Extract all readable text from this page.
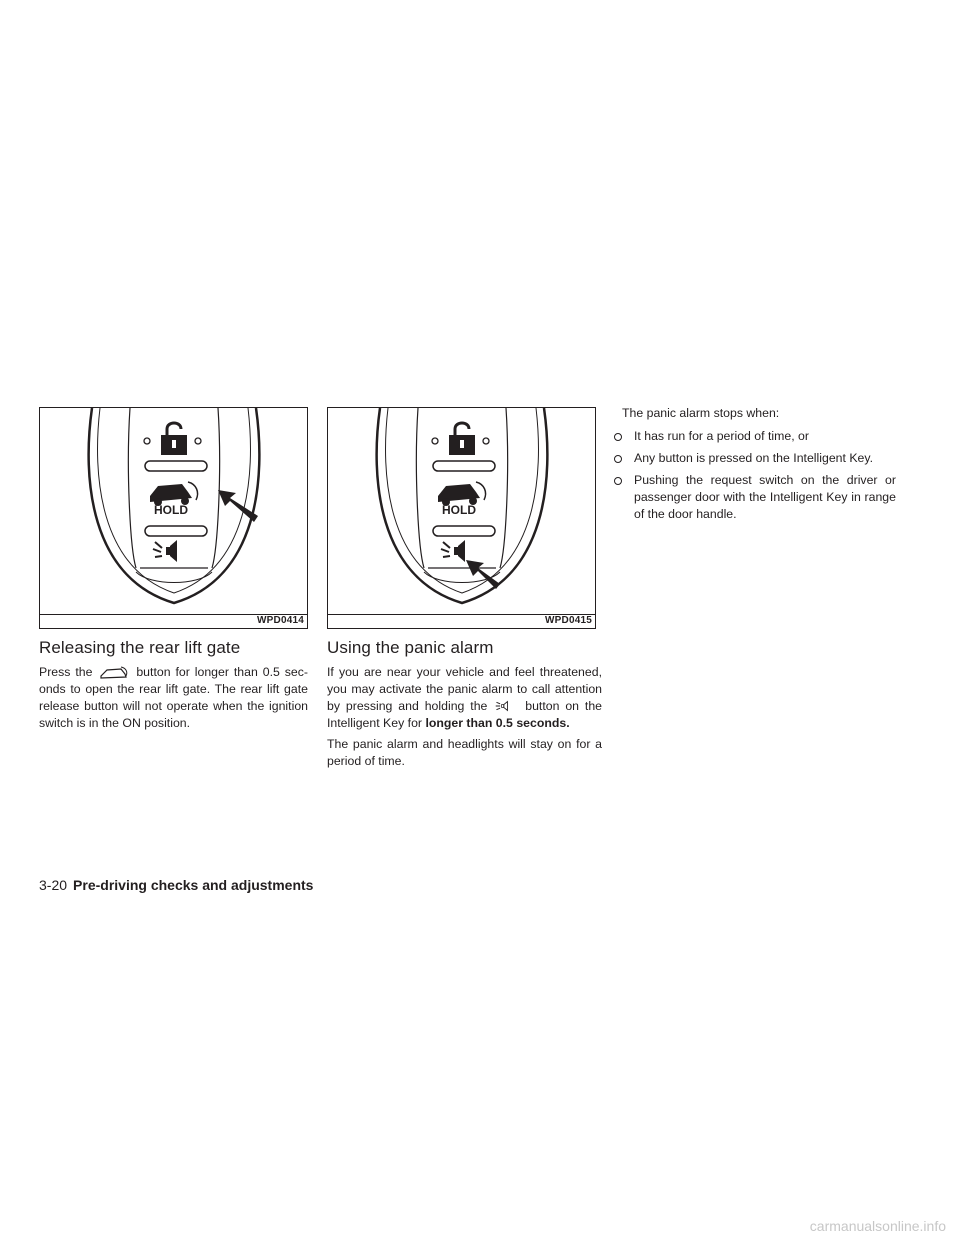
HOLD
WPD0414
HOLD
WPD0415
Releasing the rear lift gate

Press the	button for longer than 0.5 sec-onds to open the rear lift gate. The rear lift gate release button will not operate when the ignition switch is in the ON position.

Using the panic alarm

If you are near your vehicle and feel threatened, you may activate the panic alarm to call attention by pressing and holding the	button on the Intelligent Key for longer than 0.5 seconds.

The panic alarm and headlights will stay on for a period of time.

The panic alarm stops when:

It has run for a period of time, or
Any button is pressed on the Intelligent Key.
Pushing the request switch on the driver or passenger door with the Intelligent Key in range of the door handle.
3-20 Pre-driving checks and adjustments
carmanualsonline.info
